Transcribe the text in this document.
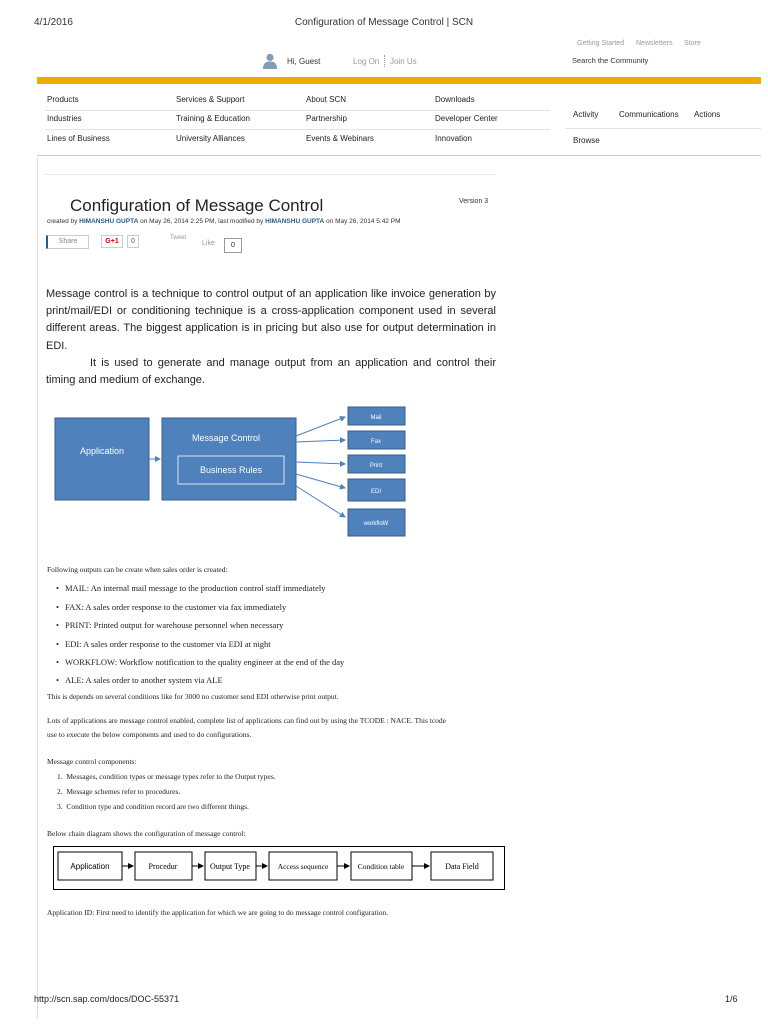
4/1/2016	Configuration of Message Control | SCN
Getting Started Newsletters Store
Hi, Guest	Log On Join Us	Search the Community
Products
Industries
Lines of Business
Services & Support
Training & Education
University Alliances
About SCN
Partnership
Events & Webinars
Downloads
Developer Center
Innovation
Activity	Communications Actions
Browse
Configuration of Message Control	Version 3
created by HIMANSHU GUPTA on May 26, 2014 2:25 PM, last modified by HIMANSHU GUPTA on May 26, 2014 5:42 PM
Share	G+1	0	Tweet
Like	0
Message control is a technique to control output of an application like invoice generation by print/mail/EDI or conditioning technique is a cross-application component used in several different areas. The biggest application is in pricing but also use for output determination in EDI.
It is used to generate and manage output from an application and control their timing and medium of exchange.
Application
Message Control
Business Rules
Mail
Fax
Print
EDI
workfloW
Following outputs can be create when sales order is created:
• MAIL: An internal mail message to the production control staff immediately
• FAX: A sales order response to the customer via fax immediately
• PRINT: Printed output for warehouse personnel when necessary
• EDI: A sales order response to the customer via EDI at night
• WORKFLOW: Workflow notification to the quality engineer at the end of the day
• ALE: A sales order to another system via ALE
This is depends on several conditions like for 3000 no customer send EDI otherwise print output.
Lots of applications are message control enabled, complete list of applications can find out by using the TCODE : NACE. This tcode
use to execute the below components and used to do configurations.
Message control components:
1.  Messages, condition types or message types refer to the Output types.
2.  Message schemes refer to procedures.
3.  Condition type and condition record are two different things.
Below chain diagram shows the configuration of message control:
Application	Procedur	Output Type	Access sequence	Condition table	Data Field
Application ID: First need to identify the application for which we are going to do message control configuration.
http://scn.sap.com/docs/DOC-55371	1/6
